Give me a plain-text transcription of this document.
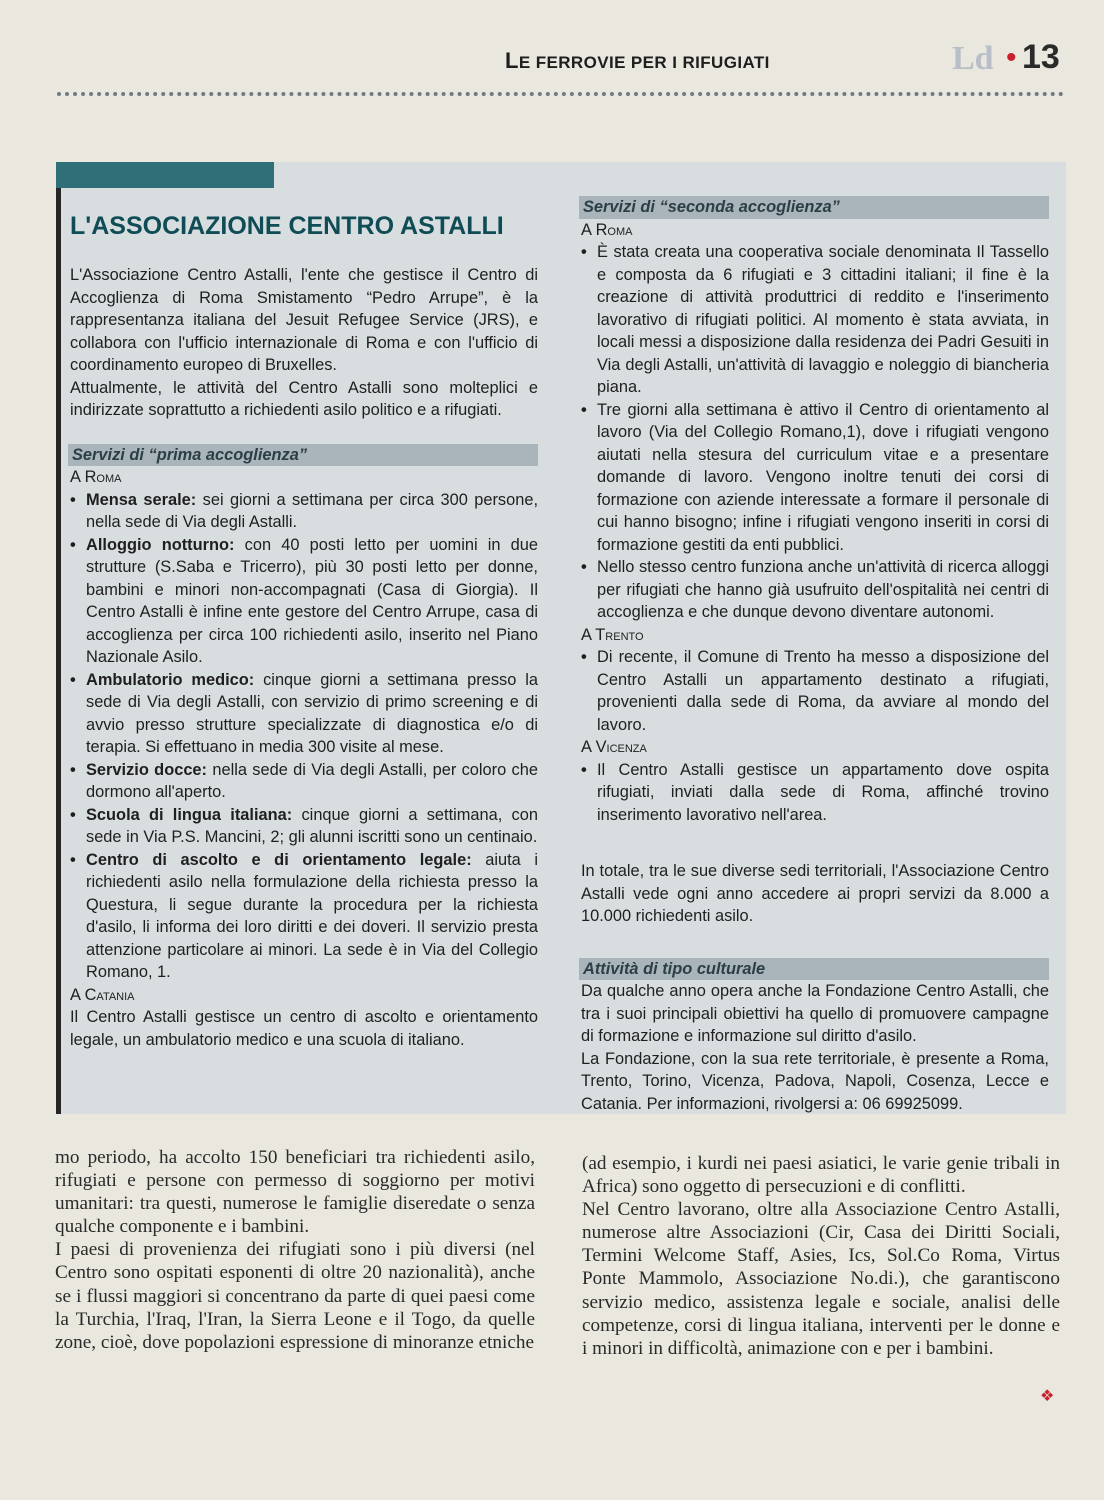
LE FERROVIE PER I RIFUGIATI	Ld • 13
L'ASSOCIAZIONE CENTRO ASTALLI

L'Associazione Centro Astalli, l'ente che gestisce il Centro di Accoglienza di Roma Smistamento “Pedro Arrupe”, è la rappresentanza italiana del Jesuit Refugee Service (JRS), e collabora con l'ufficio internazionale di Roma e con l'ufficio di coordinamento europeo di Bruxelles.

Attualmente, le attività del Centro Astalli sono molteplici e indirizzate soprattutto a richiedenti asilo politico e a rifugiati.

Servizi di “prima accoglienza”

A Roma

• Mensa serale: sei giorni a settimana per circa 300 persone, nella sede di Via degli Astalli.
• Alloggio notturno: con 40 posti letto per uomini in due strutture (S.Saba e Tricerro), più 30 posti letto per donne, bambini e minori non-accompagnati (Casa di Giorgia). Il Centro Astalli è infine ente gestore del Centro Arrupe, casa di accoglienza per circa 100 richiedenti asilo, inserito nel Piano Nazionale Asilo.
• Ambulatorio medico: cinque giorni a settimana presso la sede di Via degli Astalli, con servizio di primo screening e di avvio presso strutture specializzate di diagnostica e/o di terapia. Si effettuano in media 300 visite al mese.
• Servizio docce: nella sede di Via degli Astalli, per coloro che dormono all'aperto.
• Scuola di lingua italiana: cinque giorni a settimana, con sede in Via P.S. Mancini, 2; gli alunni iscritti sono un centinaio.
• Centro di ascolto e di orientamento legale: aiuta i richiedenti asilo nella formulazione della richiesta presso la Questura, li segue durante la procedura per la richiesta d'asilo, li informa dei loro diritti e dei doveri. Il servizio presta attenzione particolare ai minori. La sede è in Via del Collegio Romano, 1.

A Catania

Il Centro Astalli gestisce un centro di ascolto e orientamento legale, un ambulatorio medico e una scuola di italiano.

Servizi di “seconda accoglienza”

A Roma

• È stata creata una cooperativa sociale denominata Il Tassello e composta da 6 rifugiati e 3 cittadini italiani; il fine è la creazione di attività produttrici di reddito e l'inserimento lavorativo di rifugiati politici. Al momento è stata avviata, in locali messi a disposizione dalla residenza dei Padri Gesuiti in Via degli Astalli, un'attività di lavaggio e noleggio di biancheria piana.
• Tre giorni alla settimana è attivo il Centro di orientamento al lavoro (Via del Collegio Romano,1), dove i rifugiati vengono aiutati nella stesura del curriculum vitae e a presentare domande di lavoro. Vengono inoltre tenuti dei corsi di formazione con aziende interessate a formare il personale di cui hanno bisogno; infine i rifugiati vengono inseriti in corsi di formazione gestiti da enti pubblici.
• Nello stesso centro funziona anche un'attività di ricerca alloggi per rifugiati che hanno già usufruito dell'ospitalità nei centri di accoglienza e che dunque devono diventare autonomi.

A Trento

• Di recente, il Comune di Trento ha messo a disposizione del Centro Astalli un appartamento destinato a rifugiati, provenienti dalla sede di Roma, da avviare al mondo del lavoro.

A Vicenza

• Il Centro Astalli gestisce un appartamento dove ospita rifugiati, inviati dalla sede di Roma, affinché trovino inserimento lavorativo nell'area.

In totale, tra le sue diverse sedi territoriali, l'Associazione Centro Astalli vede ogni anno accedere ai propri servizi da 8.000 a 10.000 richiedenti asilo.

Attività di tipo culturale

Da qualche anno opera anche la Fondazione Centro Astalli, che tra i suoi principali obiettivi ha quello di promuovere campagne di formazione e informazione sul diritto d'asilo.

La Fondazione, con la sua rete territoriale, è presente a Roma, Trento, Torino, Vicenza, Padova, Napoli, Cosenza, Lecce e Catania. Per informazioni, rivolgersi a: 06 69925099.

mo periodo, ha accolto 150 beneficiari tra richiedenti asilo, rifugiati e persone con permesso di soggiorno per motivi umanitari: tra questi, numerose le famiglie diseredate o senza qualche componente e i bambini.

I paesi di provenienza dei rifugiati sono i più diversi (nel Centro sono ospitati esponenti di oltre 20 nazionalità), anche se i flussi maggiori si concentrano da parte di quei paesi come la Turchia, l'Iraq, l'Iran, la Sierra Leone e il Togo, da quelle zone, cioè, dove popolazioni espressione di minoranze etniche

(ad esempio, i kurdi nei paesi asiatici, le varie genie tribali in Africa) sono oggetto di persecuzioni e di conflitti.

Nel Centro lavorano, oltre alla Associazione Centro Astalli, numerose altre Associazioni (Cir, Casa dei Diritti Sociali, Termini Welcome Staff, Asies, Ics, Sol.Co Roma, Virtus Ponte Mammolo, Associazione No.di.), che garantiscono servizio medico, assistenza legale e sociale, analisi delle competenze, corsi di lingua italiana, interventi per le donne e i minori in difficoltà, animazione con e per i bambini.

❖
